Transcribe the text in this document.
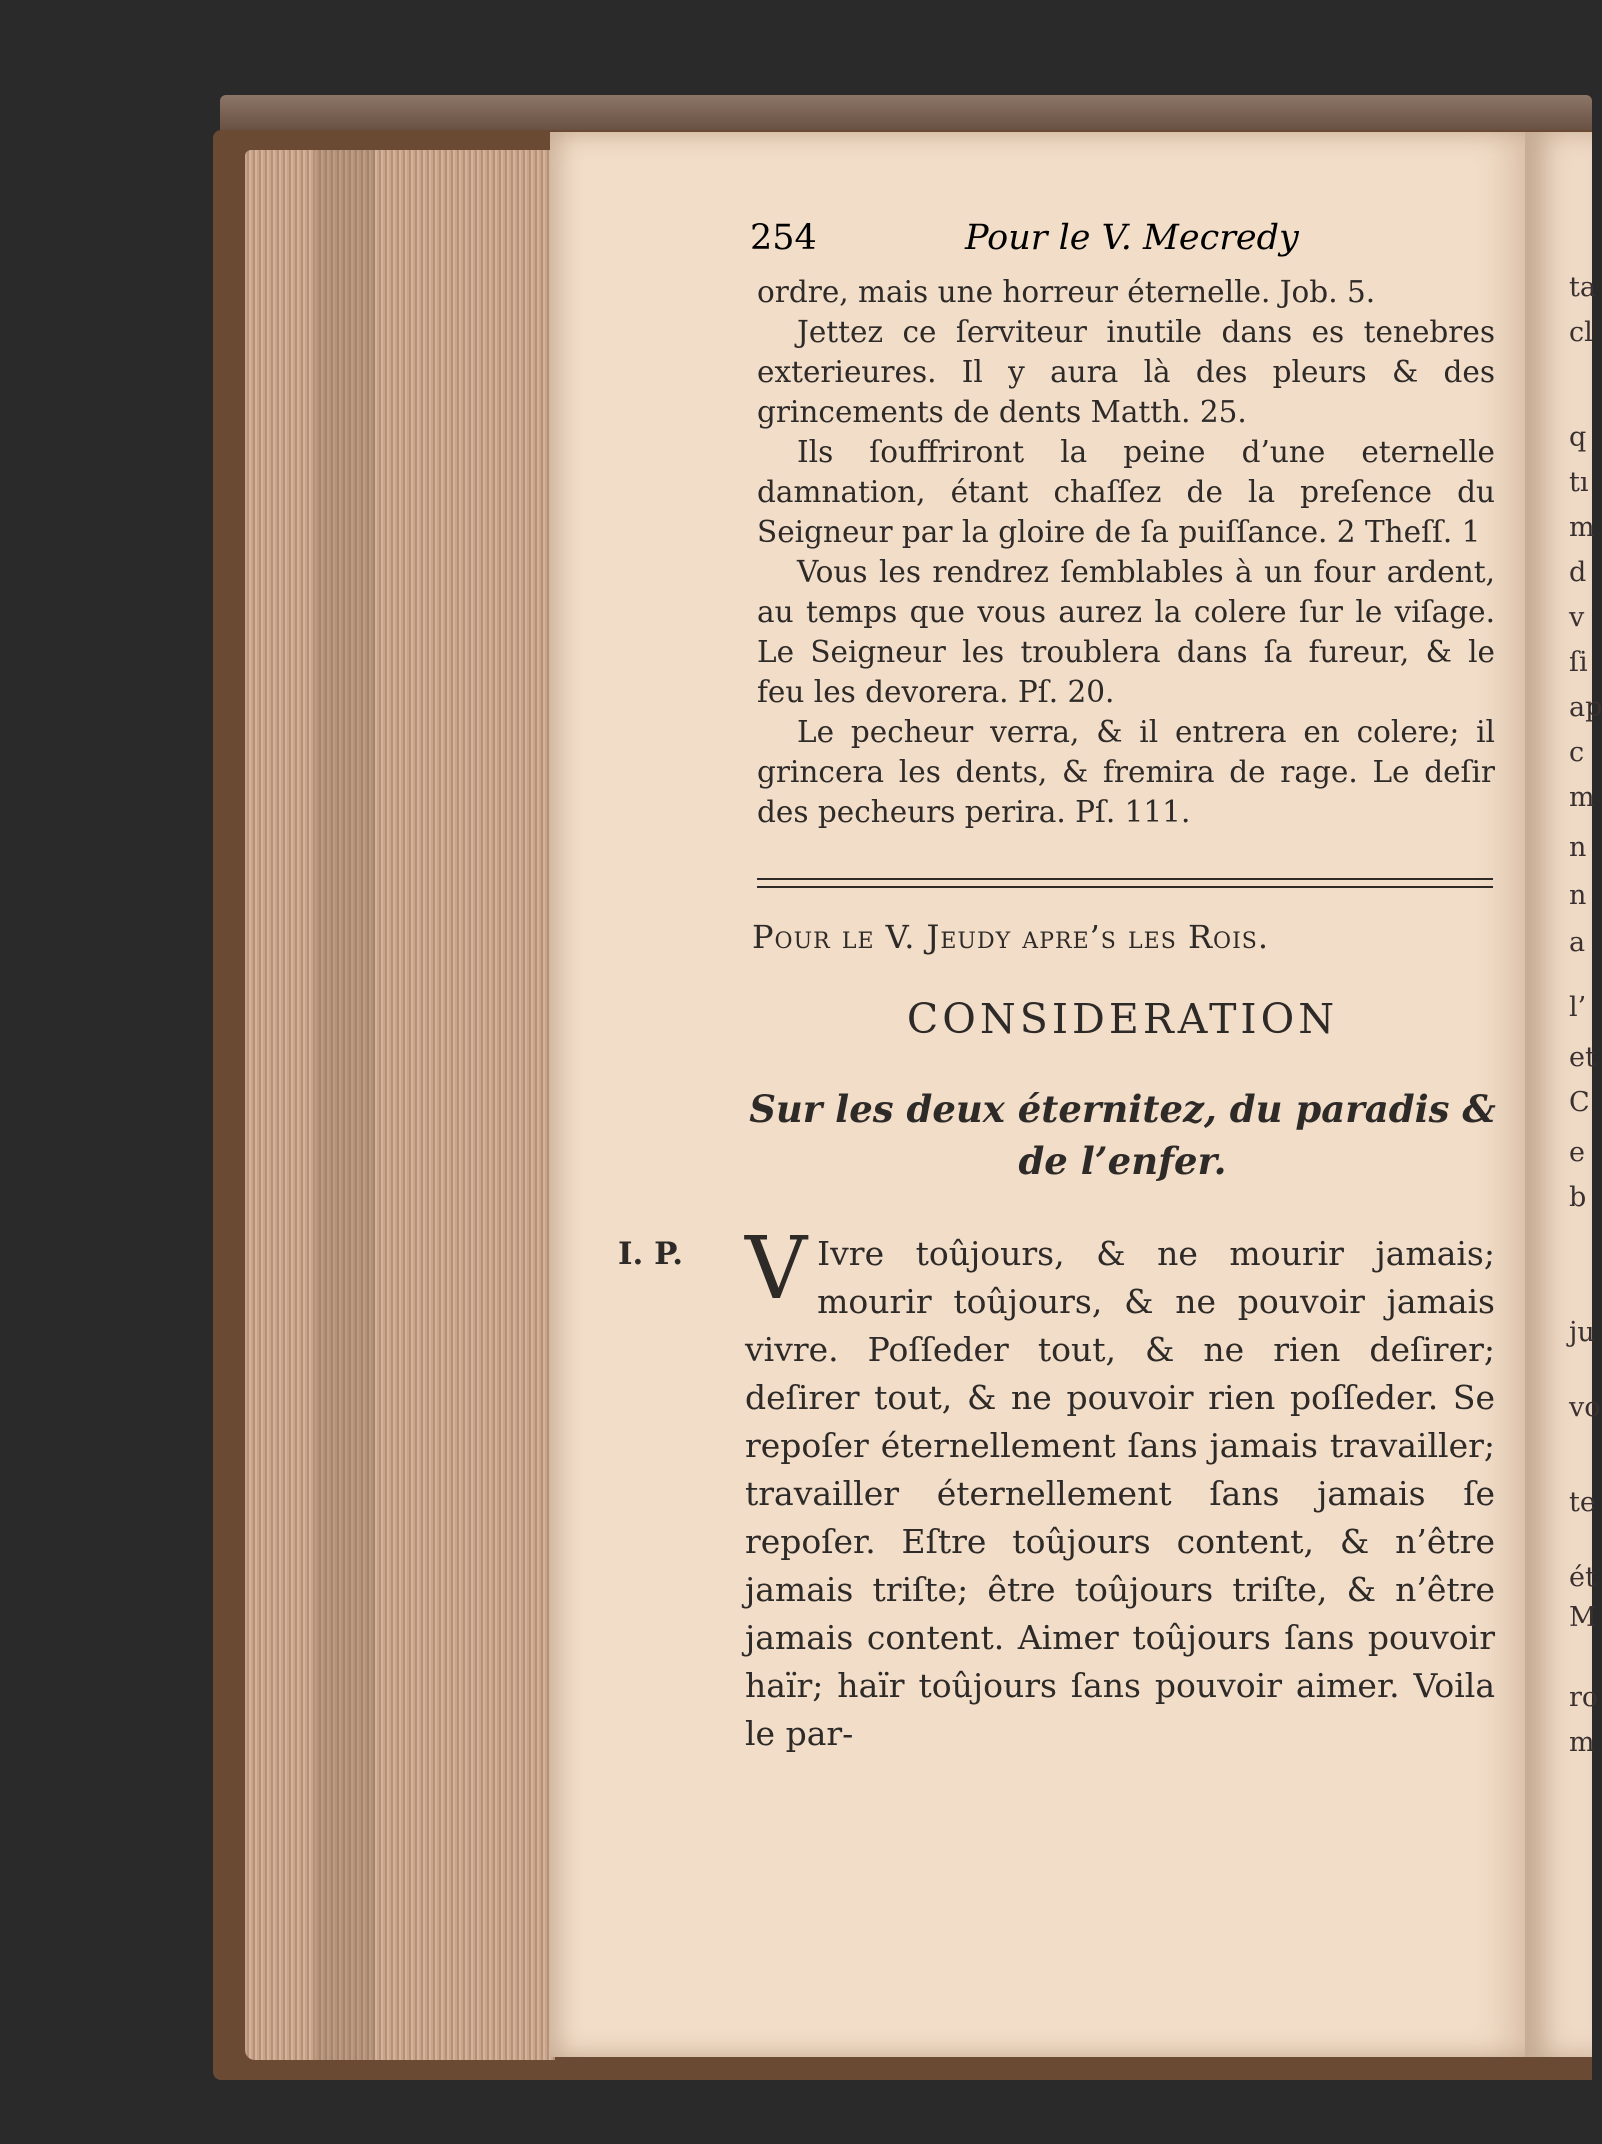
ta
cl
q
tı
m
d
v
ſi
ap
c
m
n
n
a
l’
et
C
e
b
ju
vo
te
ét
M
ro
m
254	Pour le V. Mecredy

ordre, mais une horreur éternelle. Job. 5.

Jettez ce ſerviteur inutile dans es tenebres exterieures. Il y aura là des pleurs & des grincements de dents Matth. 25.

Ils ſouffriront la peine d’une eternelle damnation, étant chaſſez de la preſence du Seigneur par la gloire de ſa puiſſance. 2 Theſſ. 1

Vous les rendrez ſemblables à un four ardent, au temps que vous aurez la colere ſur le viſage. Le Seigneur les troublera dans ſa fureur, & le feu les devorera. Pſ. 20.

Le pecheur verra, & il entrera en colere; il grincera les dents, & fremira de rage. Le deſir des pecheurs perira. Pſ. 111.

Pour le V. Jeudy apre’s les Rois.
CONSIDERATION
Sur les deux éternitez, du paradis & de l’enfer.
I. P. V Ivre toûjours, & ne mourir jamais; mourir toûjours, & ne pouvoir jamais vivre. Poſſeder tout, & ne rien deſirer; deſirer tout, & ne pouvoir rien poſſeder. Se repoſer éternellement ſans jamais travailler; travailler éternellement ſans jamais ſe repoſer. Eſtre toûjours content, & n’être jamais triſte; être toûjours triſte, & n’être jamais content. Aimer toûjours ſans pouvoir haïr; haïr toûjours ſans pouvoir aimer. Voila le par-
